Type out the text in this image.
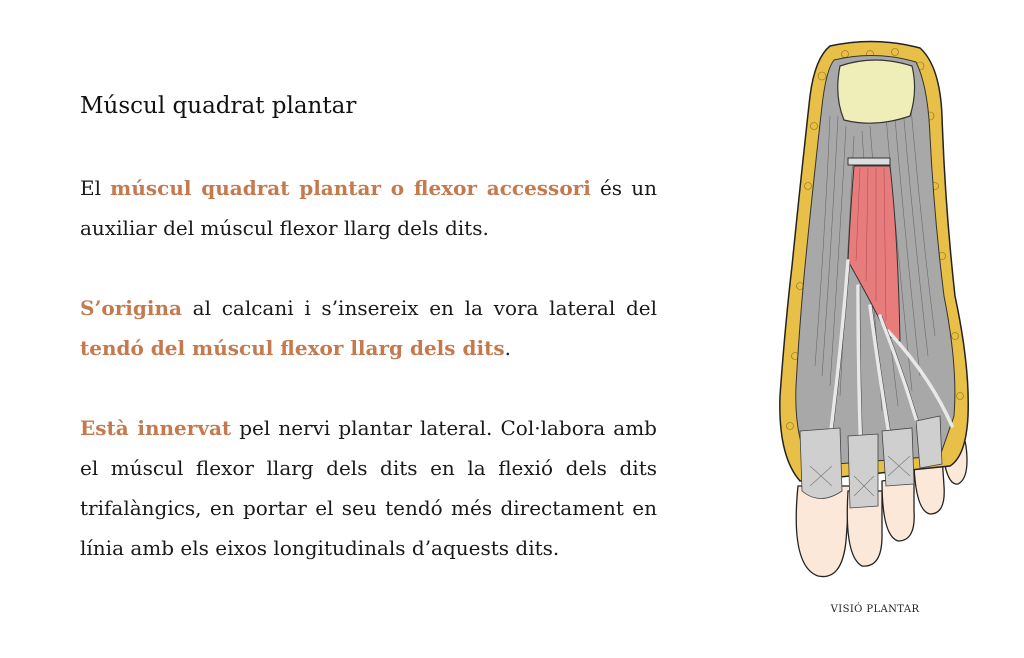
Múscul quadrat plantar

El múscul quadrat plantar o flexor accessori és un auxiliar del múscul flexor llarg dels dits.

S’origina al calcani i s’insereix en la vora lateral del tendó del múscul flexor llarg dels dits.

Està innervat pel nervi plantar lateral. Col·labora amb el múscul flexor llarg dels dits en la flexió dels dits trifalàngics, en portar el seu tendó més directament en línia amb els eixos longitudinals d’aquests dits.

VISIÓ PLANTAR
